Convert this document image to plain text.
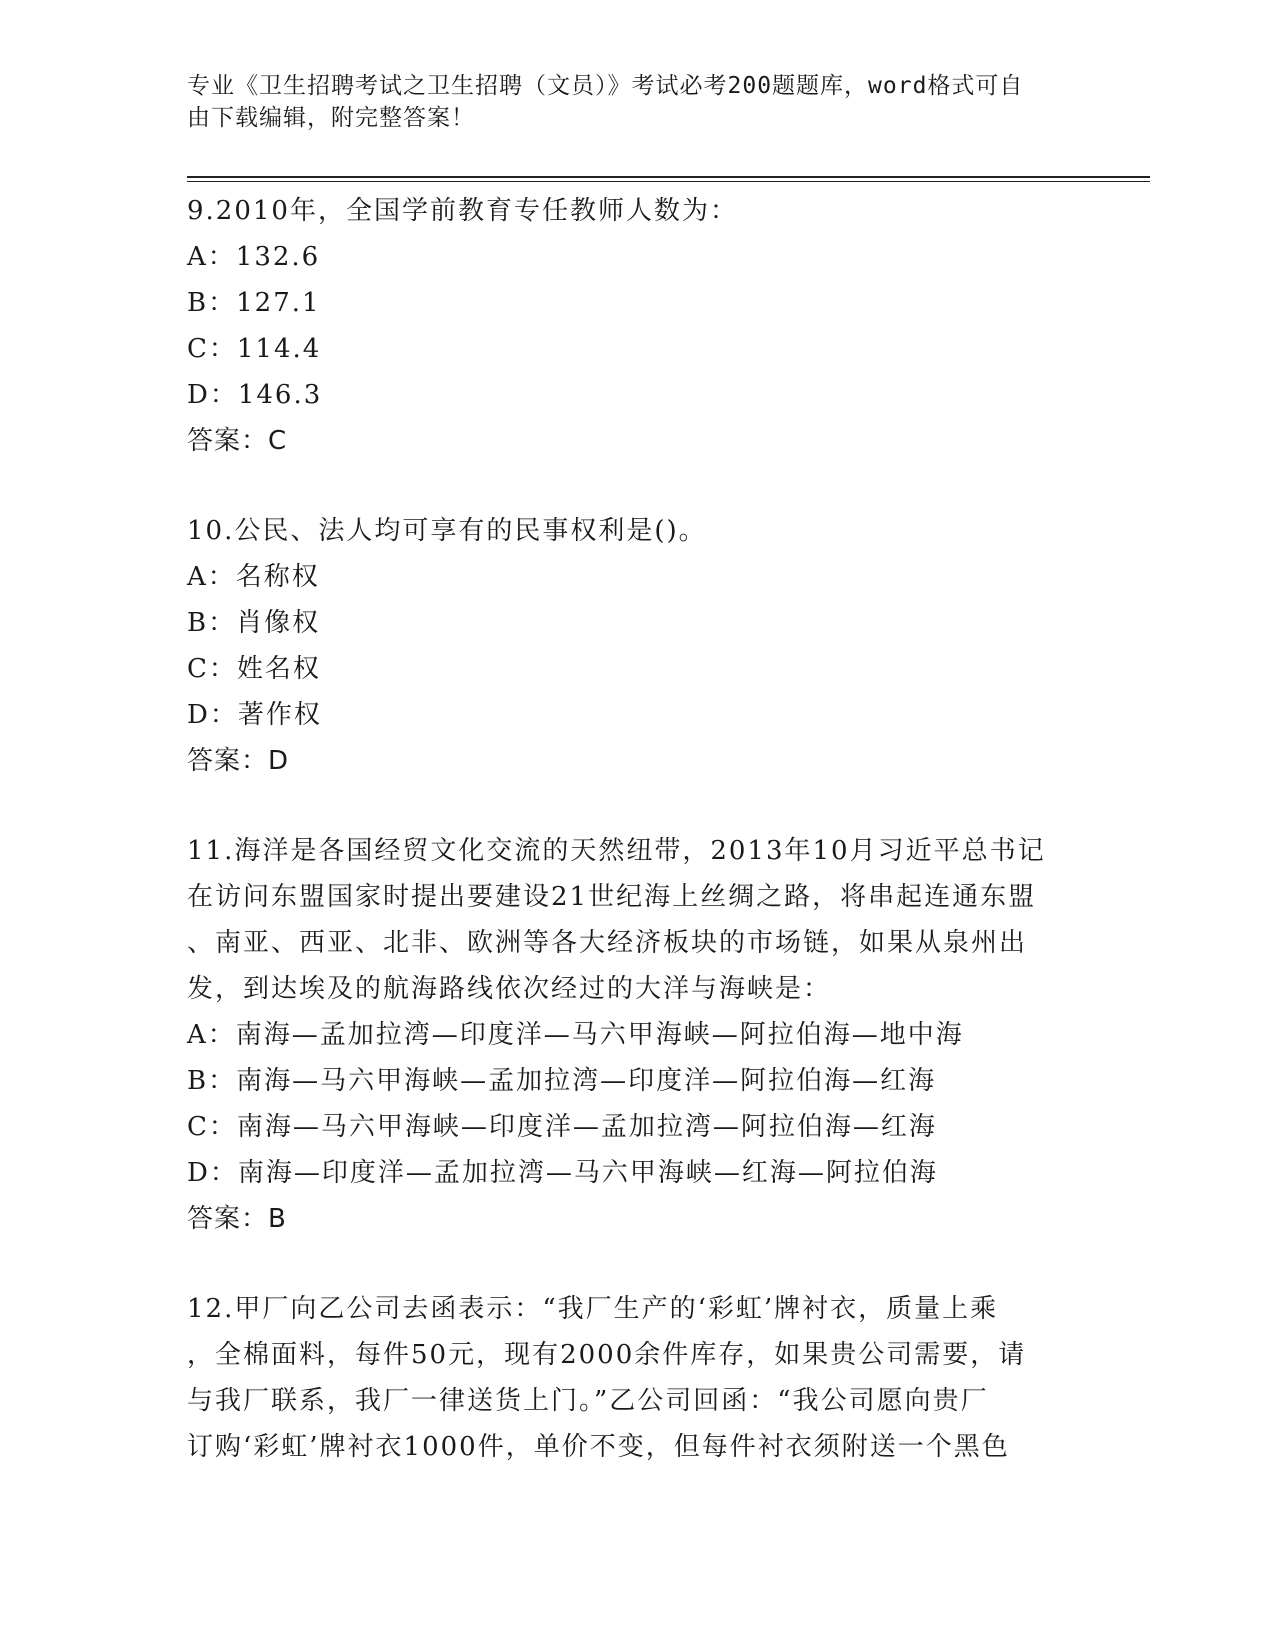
专业《卫生招聘考试之卫生招聘（文员）》考试必考200题题库，word格式可自
由下载编辑，附完整答案！
9.2010年，全国学前教育专任教师人数为：
A：132.6
B：127.1
C：114.4
D：146.3
答案：C
10.公民、法人均可享有的民事权利是()。
A：名称权
B：肖像权
C：姓名权
D：著作权
答案：D
11.海洋是各国经贸文化交流的天然纽带，2013年10月习近平总书记
在访问东盟国家时提出要建设21世纪海上丝绸之路，将串起连通东盟
、南亚、西亚、北非、欧洲等各大经济板块的市场链，如果从泉州出
发，到达埃及的航海路线依次经过的大洋与海峡是：
A：南海—孟加拉湾—印度洋—马六甲海峡—阿拉伯海—地中海
B：南海—马六甲海峡—孟加拉湾—印度洋—阿拉伯海—红海
C：南海—马六甲海峡—印度洋—孟加拉湾—阿拉伯海—红海
D：南海—印度洋—孟加拉湾—马六甲海峡—红海—阿拉伯海
答案：B
12.甲厂向乙公司去函表示：“我厂生产的‘彩虹’牌衬衣，质量上乘
，全棉面料，每件50元，现有2000余件库存，如果贵公司需要，请
与我厂联系，我厂一律送货上门。”乙公司回函：“我公司愿向贵厂
订购‘彩虹’牌衬衣1000件，单价不变，但每件衬衣须附送一个黑色
